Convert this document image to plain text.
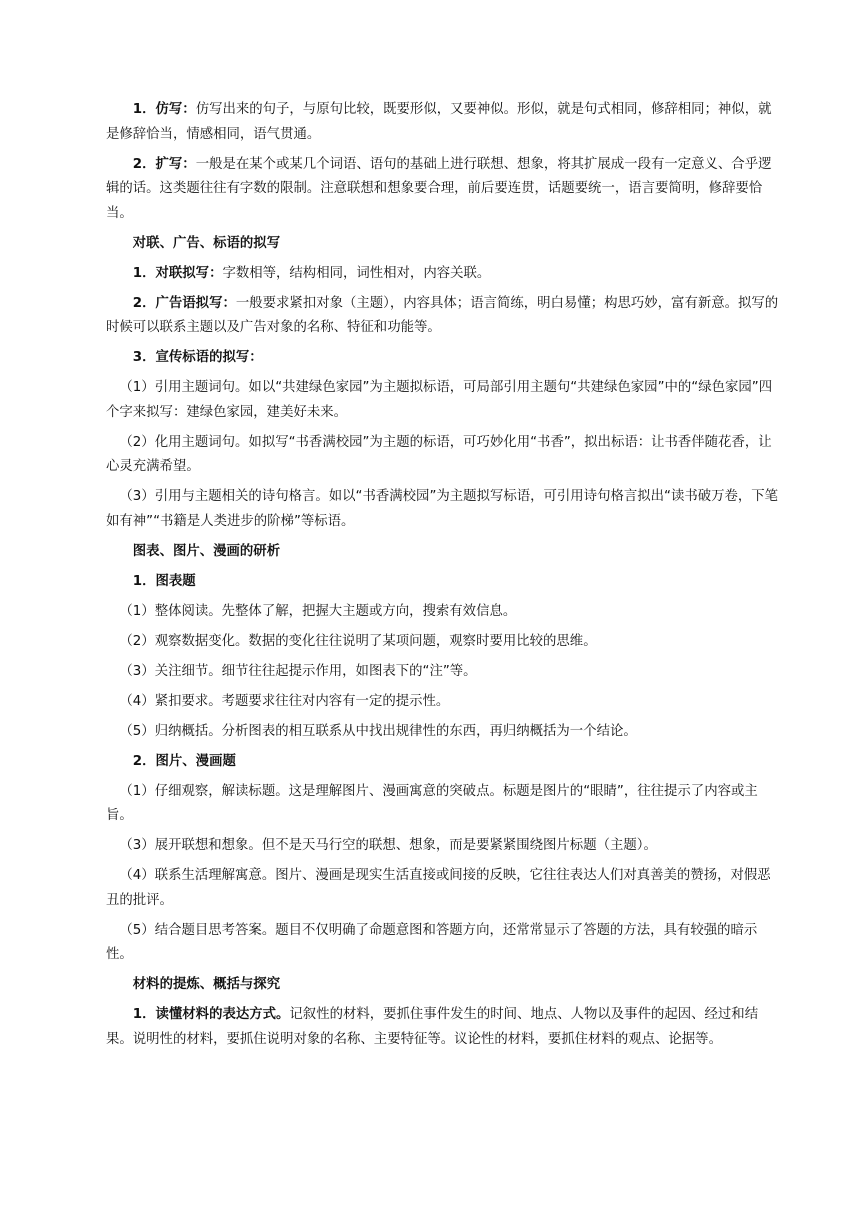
1．仿写：仿写出来的句子，与原句比较，既要形似，又要神似。形似，就是句式相同，修辞相同；神似，就是修辞恰当，情感相同，语气贯通。

2．扩写：一般是在某个或某几个词语、语句的基础上进行联想、想象，将其扩展成一段有一定意义、合乎逻辑的话。这类题往往有字数的限制。注意联想和想象要合理，前后要连贯，话题要统一，语言要简明，修辞要恰当。

对联、广告、标语的拟写

1．对联拟写：字数相等，结构相同，词性相对，内容关联。

2．广告语拟写：一般要求紧扣对象（主题），内容具体；语言简练，明白易懂；构思巧妙，富有新意。拟写的时候可以联系主题以及广告对象的名称、特征和功能等。

3．宣传标语的拟写：

（1）引用主题词句。如以“共建绿色家园”为主题拟标语，可局部引用主题句“共建绿色家园”中的“绿色家园”四个字来拟写：建绿色家园，建美好未来。

（2）化用主题词句。如拟写“书香满校园”为主题的标语，可巧妙化用“书香”，拟出标语：让书香伴随花香，让心灵充满希望。

（3）引用与主题相关的诗句格言。如以“书香满校园”为主题拟写标语，可引用诗句格言拟出“读书破万卷，下笔如有神”“书籍是人类进步的阶梯”等标语。

图表、图片、漫画的研析

1．图表题

（1）整体阅读。先整体了解，把握大主题或方向，搜索有效信息。

（2）观察数据变化。数据的变化往往说明了某项问题，观察时要用比较的思维。

（3）关注细节。细节往往起提示作用，如图表下的“注”等。

（4）紧扣要求。考题要求往往对内容有一定的提示性。

（5）归纳概括。分析图表的相互联系从中找出规律性的东西，再归纳概括为一个结论。

2．图片、漫画题

（1）仔细观察，解读标题。这是理解图片、漫画寓意的突破点。标题是图片的“眼睛”，往往提示了内容或主旨。

（3）展开联想和想象。但不是天马行空的联想、想象，而是要紧紧围绕图片标题（主题）。

（4）联系生活理解寓意。图片、漫画是现实生活直接或间接的反映，它往往表达人们对真善美的赞扬，对假恶丑的批评。

（5）结合题目思考答案。题目不仅明确了命题意图和答题方向，还常常显示了答题的方法，具有较强的暗示性。

材料的提炼、概括与探究

1．读懂材料的表达方式。记叙性的材料，要抓住事件发生的时间、地点、人物以及事件的起因、经过和结果。说明性的材料，要抓住说明对象的名称、主要特征等。议论性的材料，要抓住材料的观点、论据等。
